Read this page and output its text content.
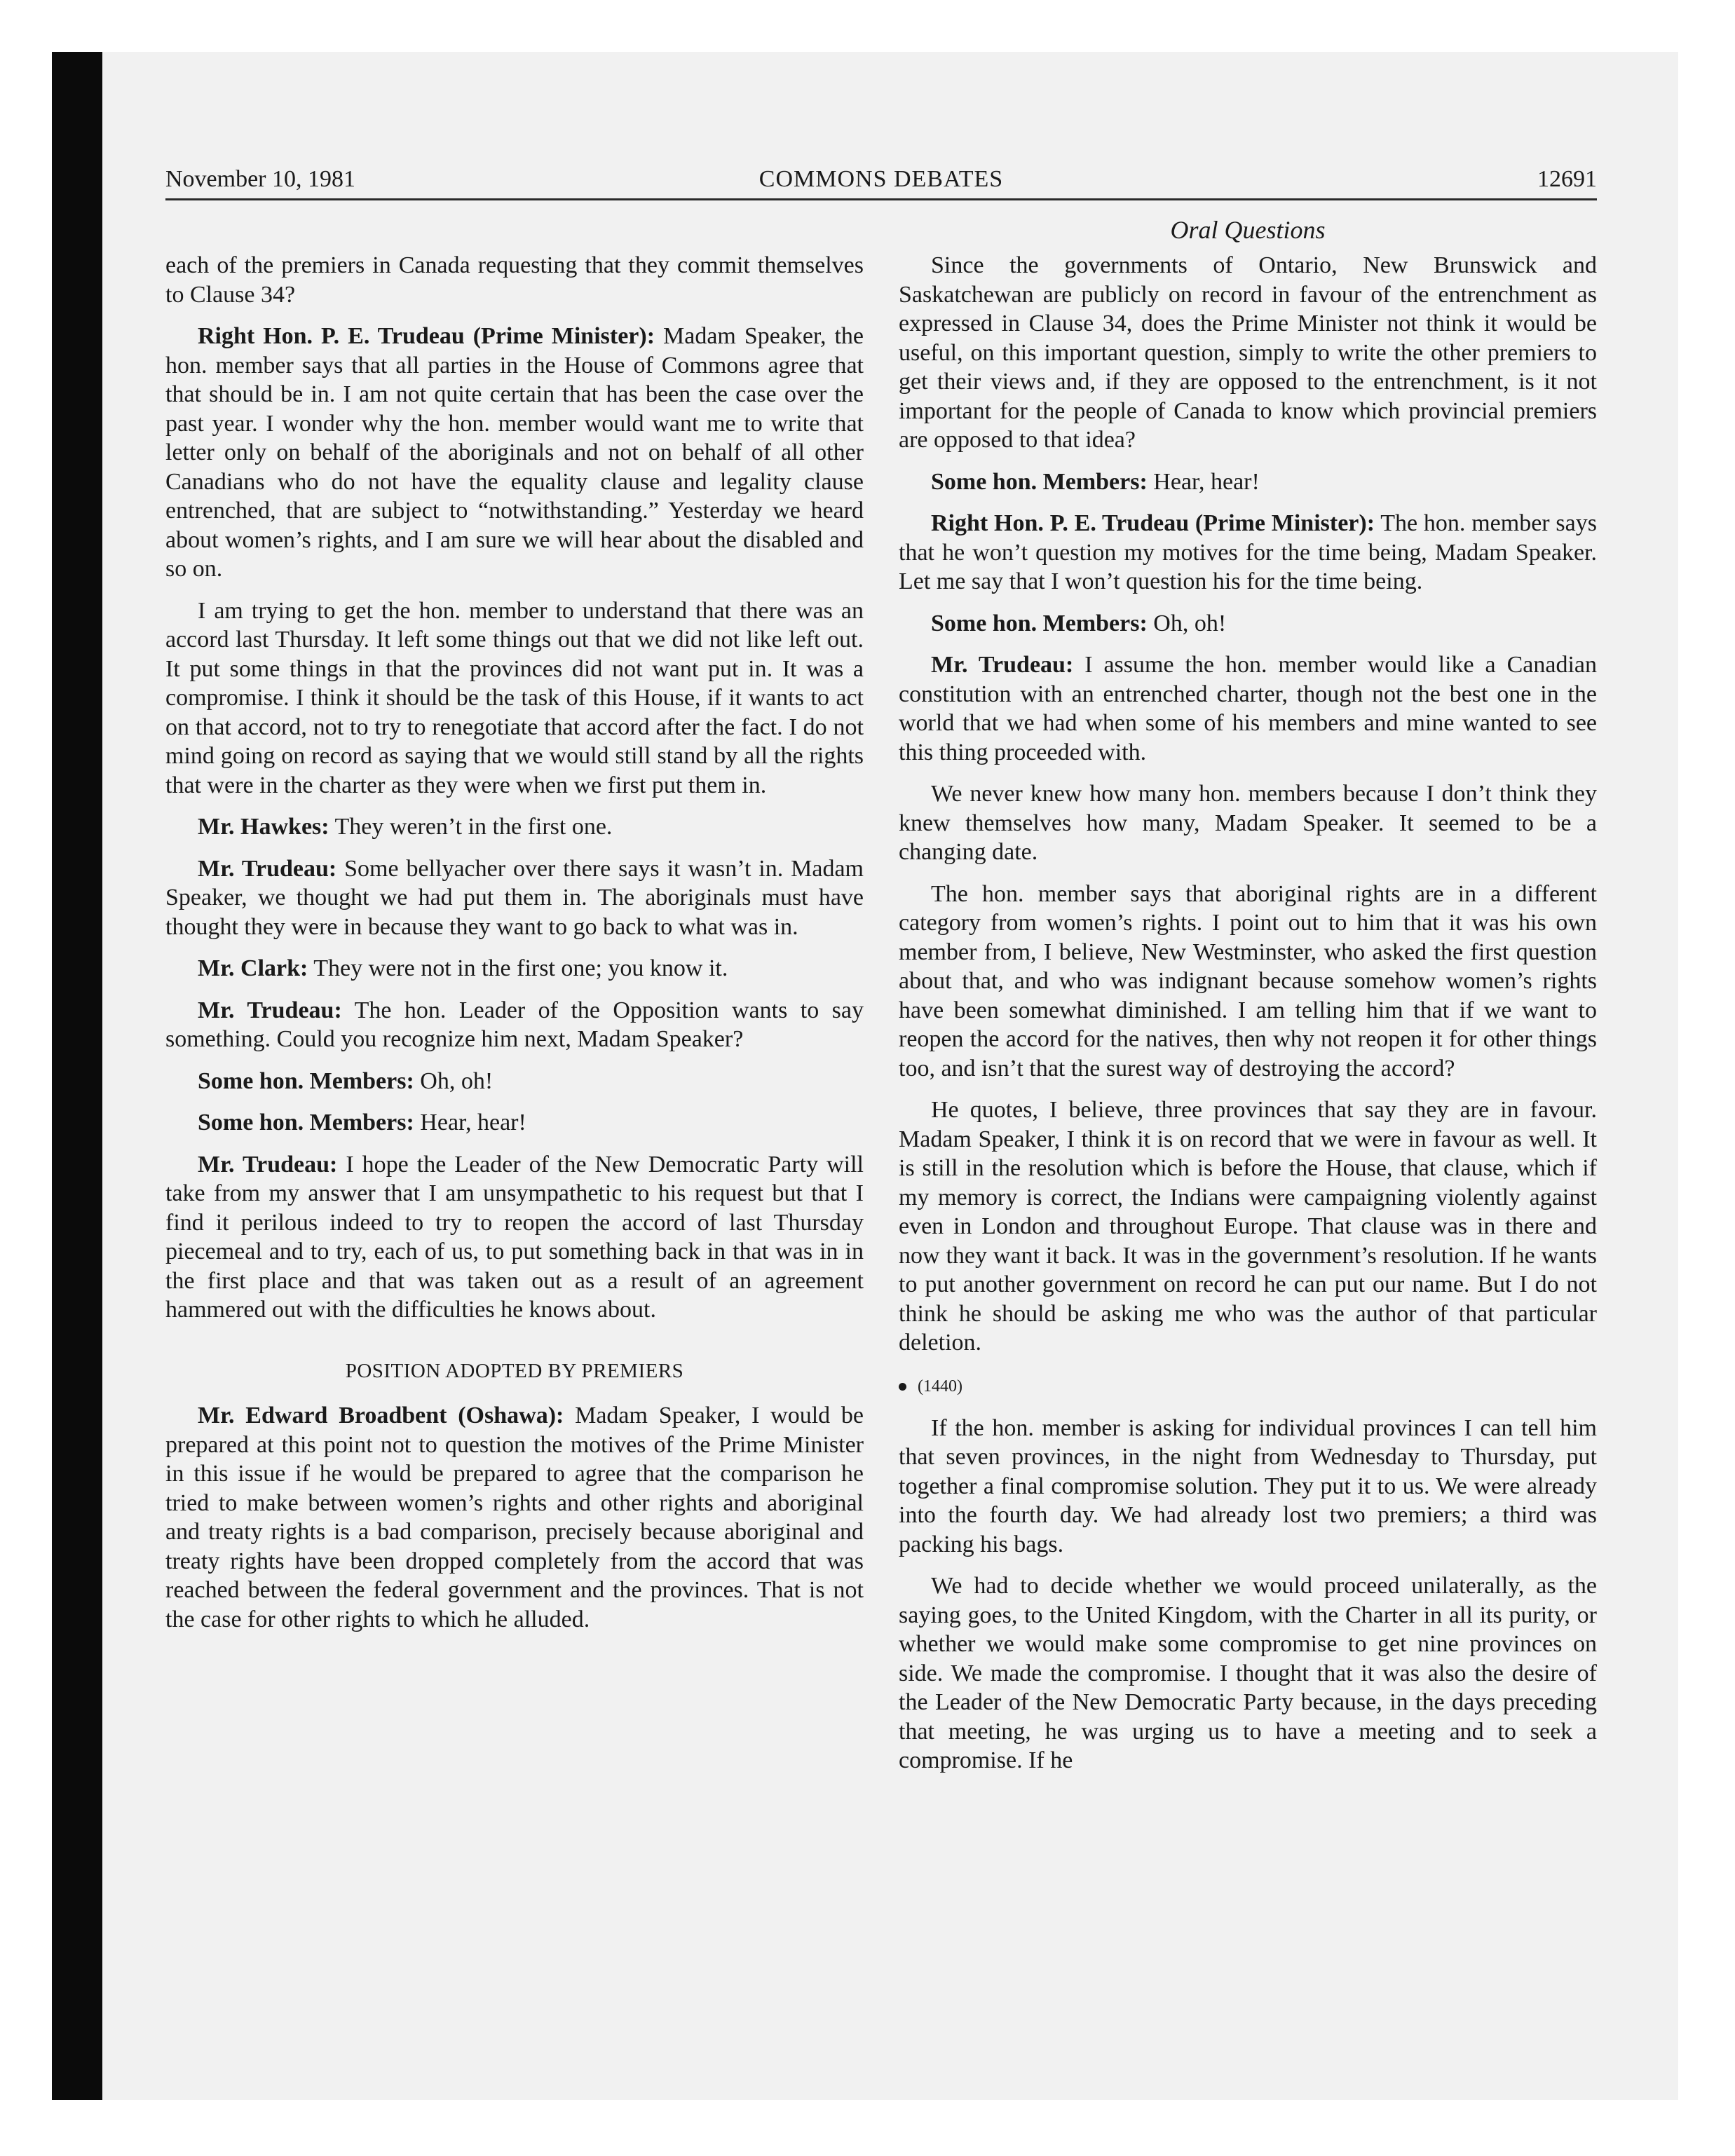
COMMONS DEBATES
November 10, 1981	12691
Oral Questions

each of the premiers in Canada requesting that they commit themselves to Clause 34?

Right Hon. P. E. Trudeau (Prime Minister): Madam Speaker, the hon. member says that all parties in the House of Commons agree that that should be in. I am not quite certain that has been the case over the past year. I wonder why the hon. member would want me to write that letter only on behalf of the aboriginals and not on behalf of all other Canadians who do not have the equality clause and legality clause entrenched, that are subject to “notwithstanding.” Yesterday we heard about women’s rights, and I am sure we will hear about the disabled and so on.

I am trying to get the hon. member to understand that there was an accord last Thursday. It left some things out that we did not like left out. It put some things in that the provinces did not want put in. It was a compromise. I think it should be the task of this House, if it wants to act on that accord, not to try to renegotiate that accord after the fact. I do not mind going on record as saying that we would still stand by all the rights that were in the charter as they were when we first put them in.

Mr. Hawkes: They weren’t in the first one.

Mr. Trudeau: Some bellyacher over there says it wasn’t in. Madam Speaker, we thought we had put them in. The aboriginals must have thought they were in because they want to go back to what was in.

Mr. Clark: They were not in the first one; you know it.

Mr. Trudeau: The hon. Leader of the Opposition wants to say something. Could you recognize him next, Madam Speaker?

Some hon. Members: Oh, oh!

Some hon. Members: Hear, hear!

Mr. Trudeau: I hope the Leader of the New Democratic Party will take from my answer that I am unsympathetic to his request but that I find it perilous indeed to try to reopen the accord of last Thursday piecemeal and to try, each of us, to put something back in that was in in the first place and that was taken out as a result of an agreement hammered out with the difficulties he knows about.

POSITION ADOPTED BY PREMIERS

Mr. Edward Broadbent (Oshawa): Madam Speaker, I would be prepared at this point not to question the motives of the Prime Minister in this issue if he would be prepared to agree that the comparison he tried to make between women’s rights and other rights and aboriginal and treaty rights is a bad comparison, precisely because aboriginal and treaty rights have been dropped completely from the accord that was reached between the federal government and the provinces. That is not the case for other rights to which he alluded.

Since the governments of Ontario, New Brunswick and Saskatchewan are publicly on record in favour of the entrenchment as expressed in Clause 34, does the Prime Minister not think it would be useful, on this important question, simply to write the other premiers to get their views and, if they are opposed to the entrenchment, is it not important for the people of Canada to know which provincial premiers are opposed to that idea?

Some hon. Members: Hear, hear!

Right Hon. P. E. Trudeau (Prime Minister): The hon. member says that he won’t question my motives for the time being, Madam Speaker. Let me say that I won’t question his for the time being.

Some hon. Members: Oh, oh!

Mr. Trudeau: I assume the hon. member would like a Canadian constitution with an entrenched charter, though not the best one in the world that we had when some of his members and mine wanted to see this thing proceeded with.

We never knew how many hon. members because I don’t think they knew themselves how many, Madam Speaker. It seemed to be a changing date.

The hon. member says that aboriginal rights are in a different category from women’s rights. I point out to him that it was his own member from, I believe, New Westminster, who asked the first question about that, and who was indignant because somehow women’s rights have been somewhat diminished. I am telling him that if we want to reopen the accord for the natives, then why not reopen it for other things too, and isn’t that the surest way of destroying the accord?

He quotes, I believe, three provinces that say they are in favour. Madam Speaker, I think it is on record that we were in favour as well. It is still in the resolution which is before the House, that clause, which if my memory is correct, the Indians were campaigning violently against even in London and throughout Europe. That clause was in there and now they want it back. It was in the government’s resolution. If he wants to put another government on record he can put our name. But I do not think he should be asking me who was the author of that particular deletion.

(1440)

If the hon. member is asking for individual provinces I can tell him that seven provinces, in the night from Wednesday to Thursday, put together a final compromise solution. They put it to us. We were already into the fourth day. We had already lost two premiers; a third was packing his bags.

We had to decide whether we would proceed unilaterally, as the saying goes, to the United Kingdom, with the Charter in all its purity, or whether we would make some compromise to get nine provinces on side. We made the compromise. I thought that it was also the desire of the Leader of the New Democratic Party because, in the days preceding that meeting, he was urging us to have a meeting and to seek a compromise. If he
